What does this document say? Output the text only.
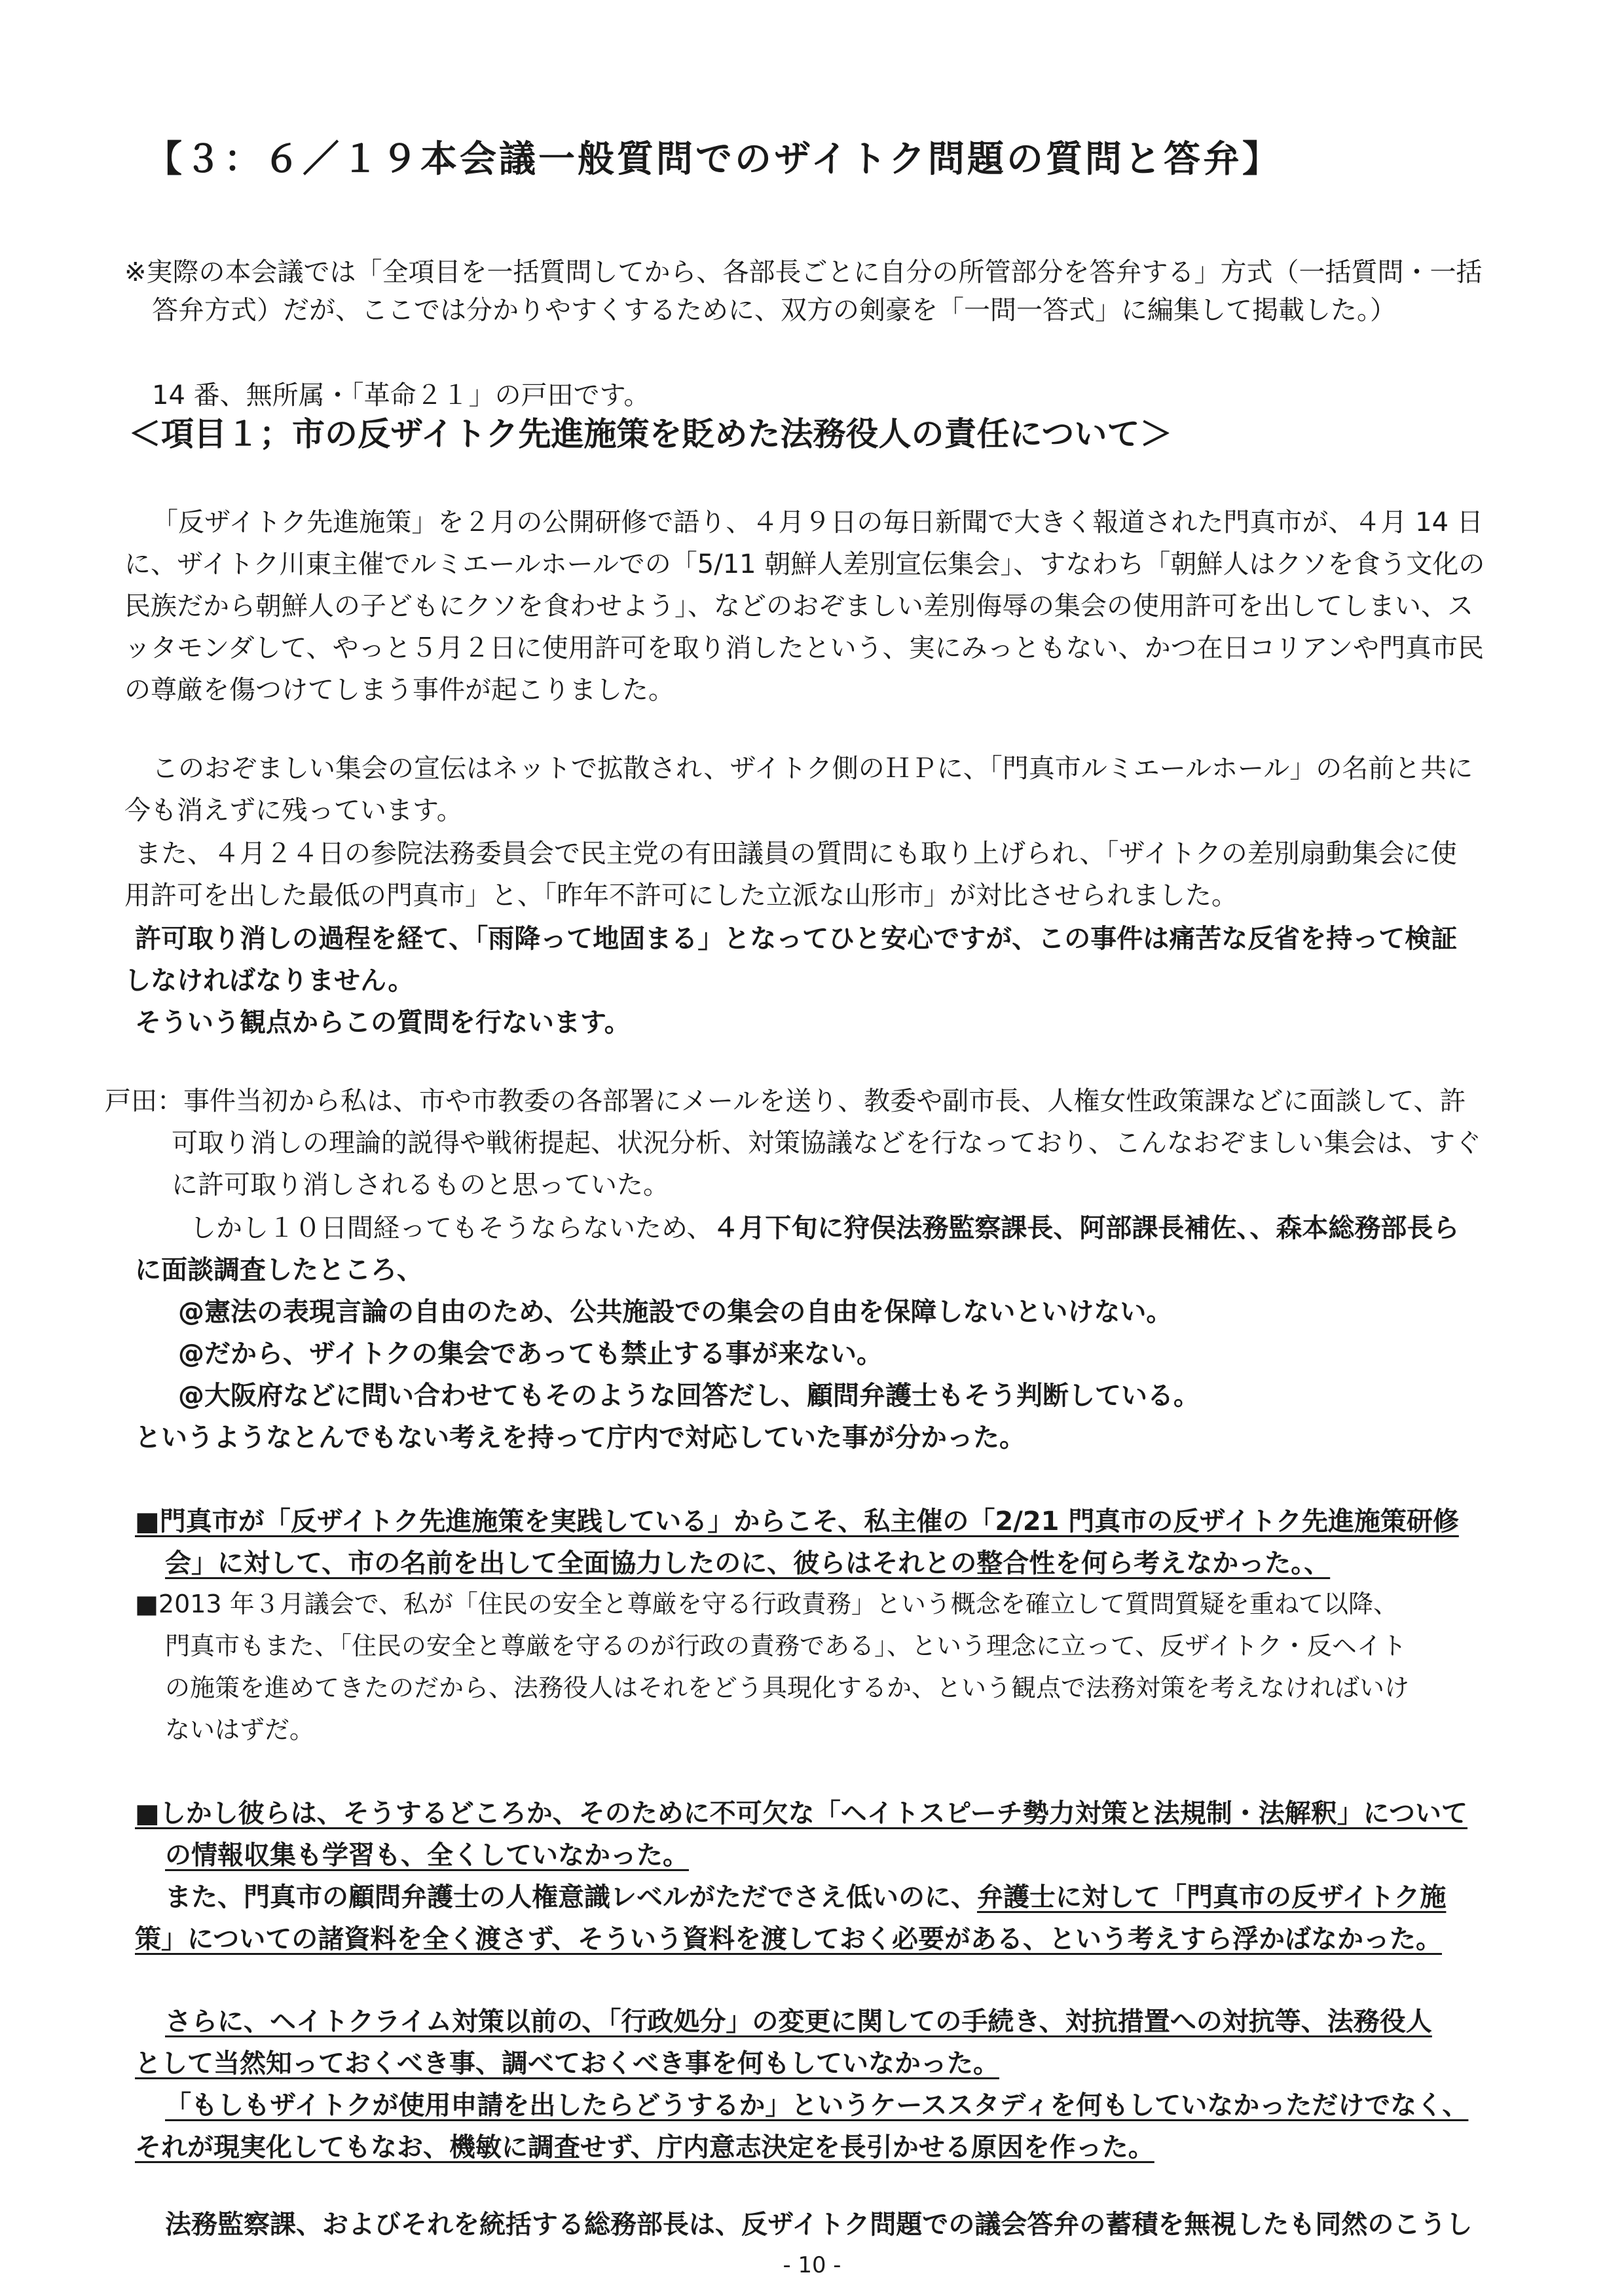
【３：６／１９本会議一般質問でのザイトク問題の質問と答弁】
※実際の本会議では「全項目を一括質問してから、各部長ごとに自分の所管部分を答弁する」方式（一括質問・一括
答弁方式）だが、ここでは分かりやすくするために、双方の剣豪を「一問一答式」に編集して掲載した。）
14 番、無所属・「革命２１」の戸田です。
＜項目１；市の反ザイトク先進施策を貶めた法務役人の責任について＞
「反ザイトク先進施策」を２月の公開研修で語り、４月９日の毎日新聞で大きく報道された門真市が、４月 14 日
に、ザイトク川東主催でルミエールホールでの「5/11 朝鮮人差別宣伝集会」、すなわち「朝鮮人はクソを食う文化の
民族だから朝鮮人の子どもにクソを食わせよう」、などのおぞましい差別侮辱の集会の使用許可を出してしまい、ス
ッタモンダして、やっと５月２日に使用許可を取り消したという、実にみっともない、かつ在日コリアンや門真市民
の尊厳を傷つけてしまう事件が起こりました。
このおぞましい集会の宣伝はネットで拡散され、ザイトク側のＨＰに、「門真市ルミエールホール」の名前と共に
今も消えずに残っています。
また、４月２４日の参院法務委員会で民主党の有田議員の質問にも取り上げられ、「ザイトクの差別扇動集会に使
用許可を出した最低の門真市」と、「昨年不許可にした立派な山形市」が対比させられました。
許可取り消しの過程を経て、「雨降って地固まる」となってひと安心ですが、この事件は痛苦な反省を持って検証
しなければなりません。
そういう観点からこの質問を行ないます。
戸田：事件当初から私は、市や市教委の各部署にメールを送り、教委や副市長、人権女性政策課などに面談して、許
可取り消しの理論的説得や戦術提起、状況分析、対策協議などを行なっており、こんなおぞましい集会は、すぐ
に許可取り消しされるものと思っていた。
しかし１０日間経ってもそうならないため、４月下旬に狩俣法務監察課長、阿部課長補佐、、森本総務部長ら
に面談調査したところ、
@憲法の表現言論の自由のため、公共施設での集会の自由を保障しないといけない。
@だから、ザイトクの集会であっても禁止する事が来ない。
@大阪府などに問い合わせてもそのような回答だし、顧問弁護士もそう判断している。
というようなとんでもない考えを持って庁内で対応していた事が分かった。
■門真市が「反ザイトク先進施策を実践している」からこそ、私主催の「2/21 門真市の反ザイトク先進施策研修
会」に対して、市の名前を出して全面協力したのに、彼らはそれとの整合性を何ら考えなかった。、
■2013 年３月議会で、私が「住民の安全と尊厳を守る行政責務」という概念を確立して質問質疑を重ねて以降、
門真市もまた、「住民の安全と尊厳を守るのが行政の責務である」、という理念に立って、反ザイトク・反ヘイト
の施策を進めてきたのだから、法務役人はそれをどう具現化するか、という観点で法務対策を考えなければいけ
ないはずだ。
■しかし彼らは、そうするどころか、そのために不可欠な「ヘイトスピーチ勢力対策と法規制・法解釈」について
の情報収集も学習も、全くしていなかった。
また、門真市の顧問弁護士の人権意識レベルがただでさえ低いのに、弁護士に対して「門真市の反ザイトク施
策」についての諸資料を全く渡さず、そういう資料を渡しておく必要がある、という考えすら浮かばなかった。
さらに、ヘイトクライム対策以前の、「行政処分」の変更に関しての手続き、対抗措置への対抗等、法務役人
として当然知っておくべき事、調べておくべき事を何もしていなかった。
「もしもザイトクが使用申請を出したらどうするか」というケーススタディを何もしていなかっただけでなく、
それが現実化してもなお、機敏に調査せず、庁内意志決定を長引かせる原因を作った。
法務監察課、およびそれを統括する総務部長は、反ザイトク問題での議会答弁の蓄積を無視したも同然のこうし
- 10 -
